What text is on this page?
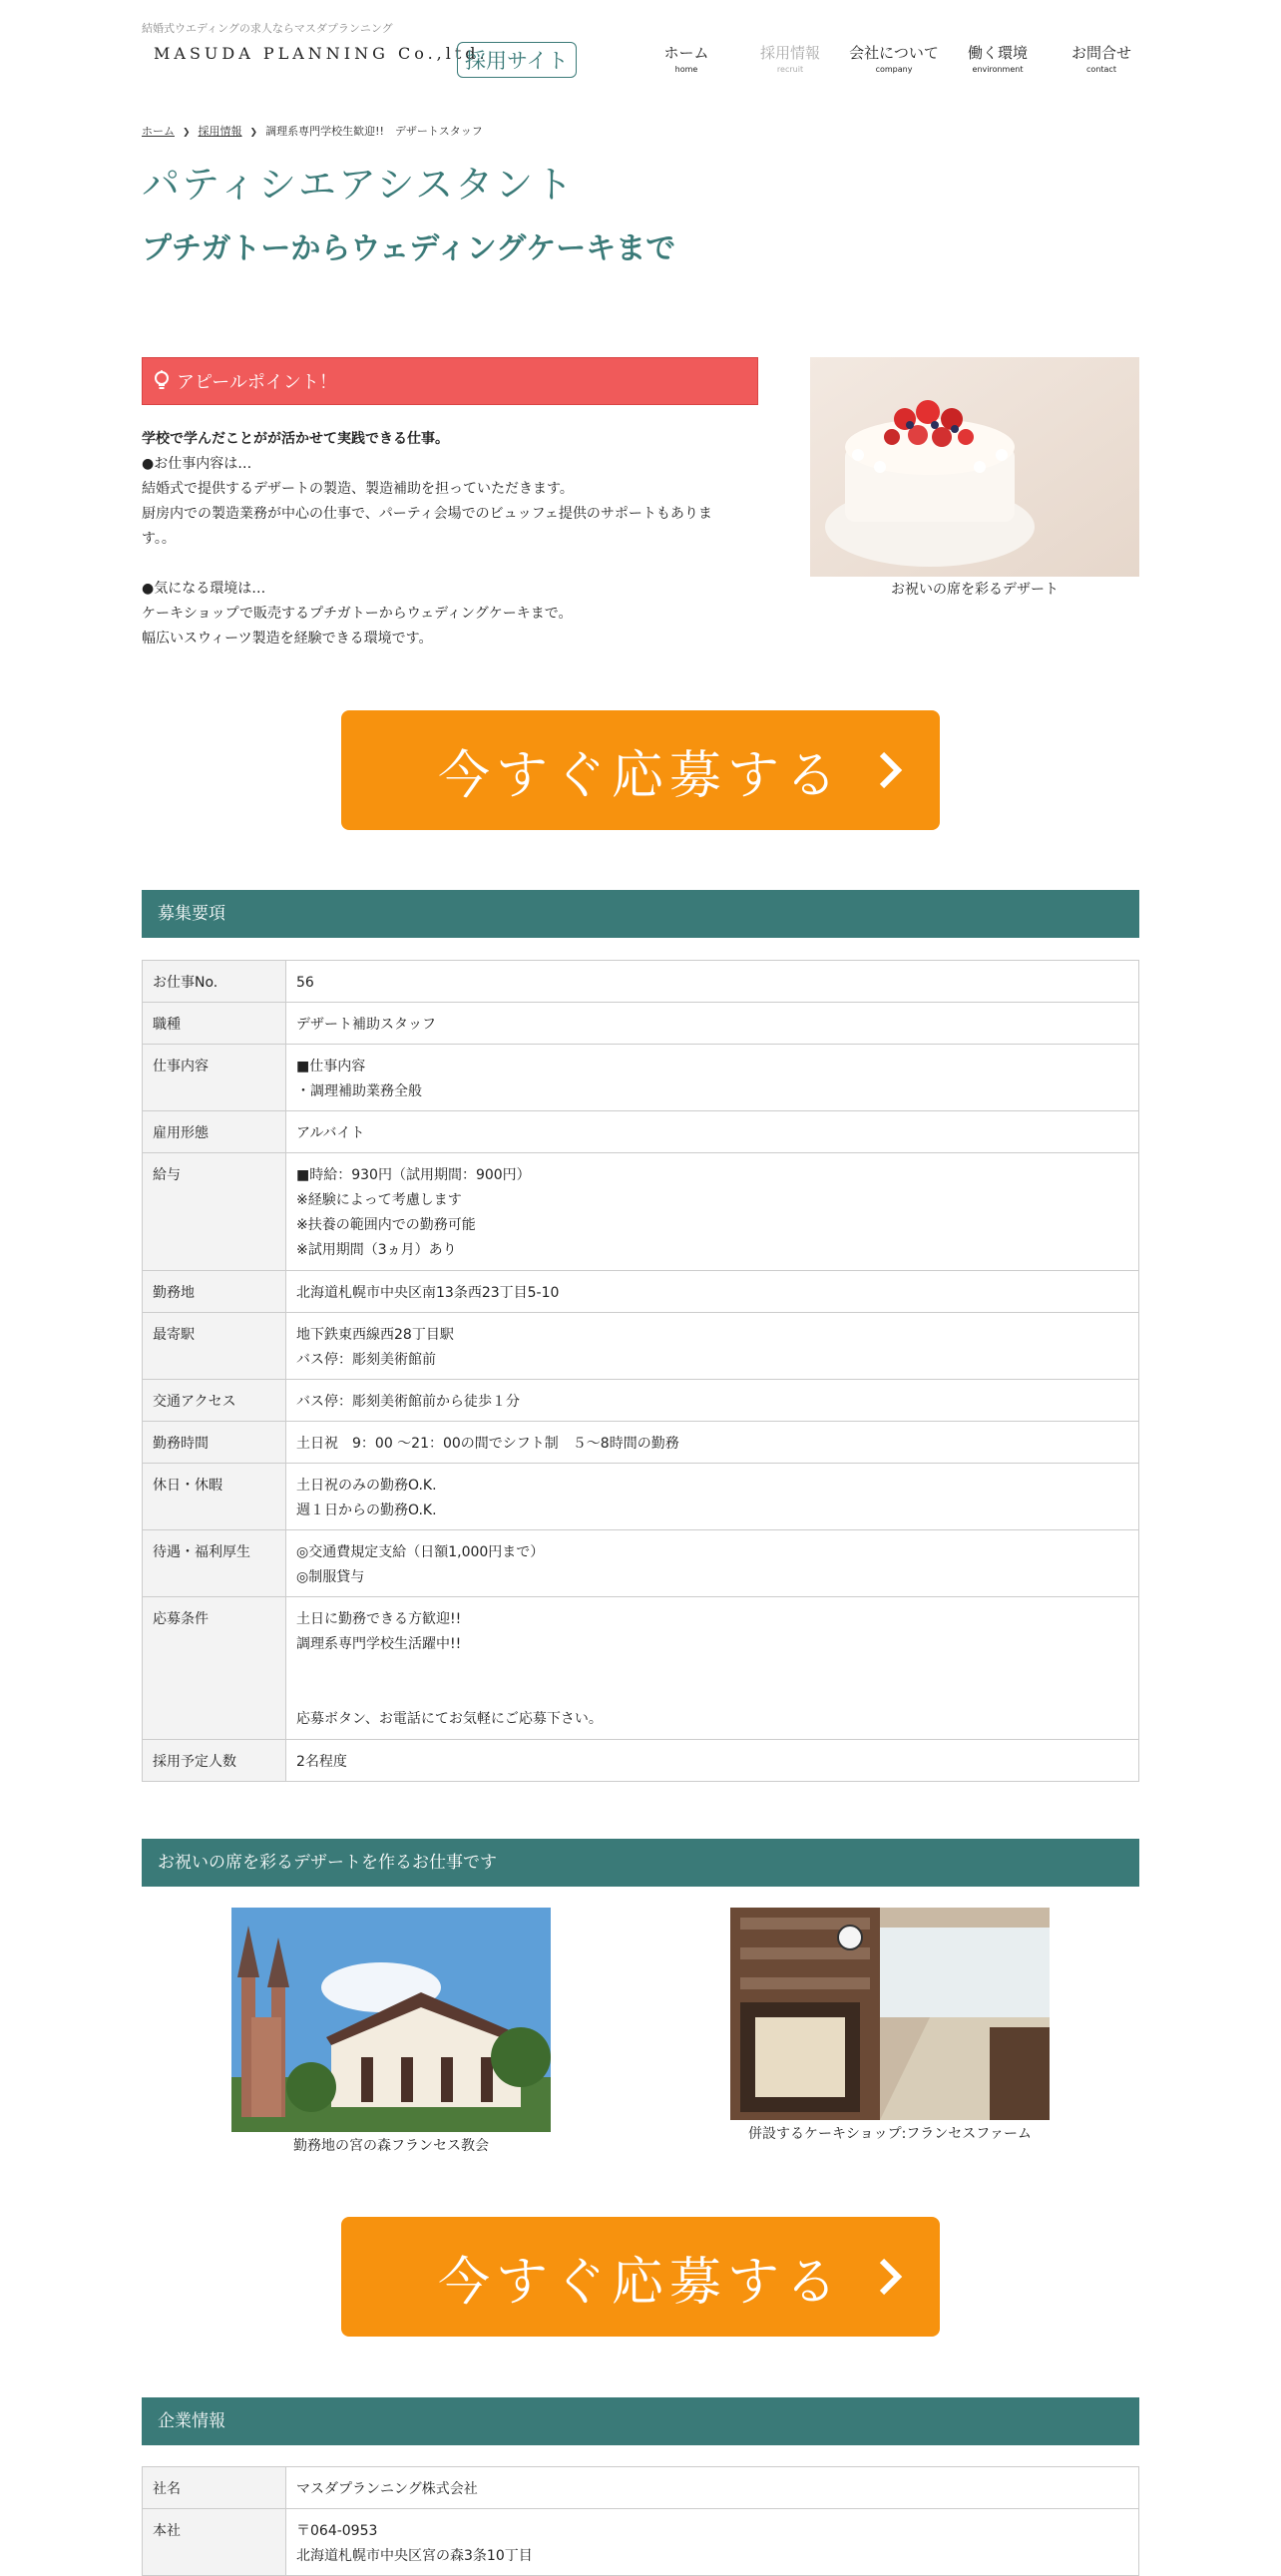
結婚式ウエディングの求人ならマスダプランニング
MASUDA PLANNING Co.,ltd.
採用サイト	ホーム
home
採用情報
recruit
会社について
company
働く環境
environment
お問合せ
contact
ホーム ❯ 採用情報 ❯ 調理系専門学校生歓迎!!　デザートスタッフ
パティシエアシスタント
プチガトーからウェディングケーキまで
アピールポイント！

学校で学んだことがが活かせて実践できる仕事。

●お仕事内容は…

結婚式で提供するデザートの製造、製造補助を担っていただきます。

厨房内での製造業務が中心の仕事で、パーティ会場でのビュッフェ提供のサポートもありま

す。。

●気になる環境は…

ケーキショップで販売するプチガトーからウェディングケーキまで。

幅広いスウィーツ製造を経験できる環境です。

お祝いの席を彩るデザート
今すぐ応募する
募集要項
お仕事No.	56
職種	デザート補助スタッフ
仕事内容	■仕事内容
・調理補助業務全般
雇用形態	アルバイト
給与	■時給：930円（試用期間：900円）
※経験によって考慮します
※扶養の範囲内での勤務可能
※試用期間（3ヵ月）あり
勤務地	北海道札幌市中央区南13条西23丁目5-10
最寄駅	地下鉄東西線西28丁目駅
バス停：彫刻美術館前
交通アクセス	バス停：彫刻美術館前から徒歩１分
勤務時間	土日祝　9：00 ～21：00の間でシフト制　５～8時間の勤務
休日・休暇	土日祝のみの勤務O.K.
週１日からの勤務O.K.
待遇・福利厚生	◎交通費規定支給（日額1,000円まで）
◎制服貸与
応募条件	土日に勤務できる方歓迎!!
調理系専門学校生活躍中!!

応募ボタン、お電話にてお気軽にご応募下さい。
採用予定人数	2名程度
お祝いの席を彩るデザートを作るお仕事です
勤務地の宮の森フランセス教会
併設するケーキショップ:フランセスファーム
今すぐ応募する
企業情報
社名	マスダプランニング株式会社
本社	〒064-0953
北海道札幌市中央区宮の森3条10丁目
